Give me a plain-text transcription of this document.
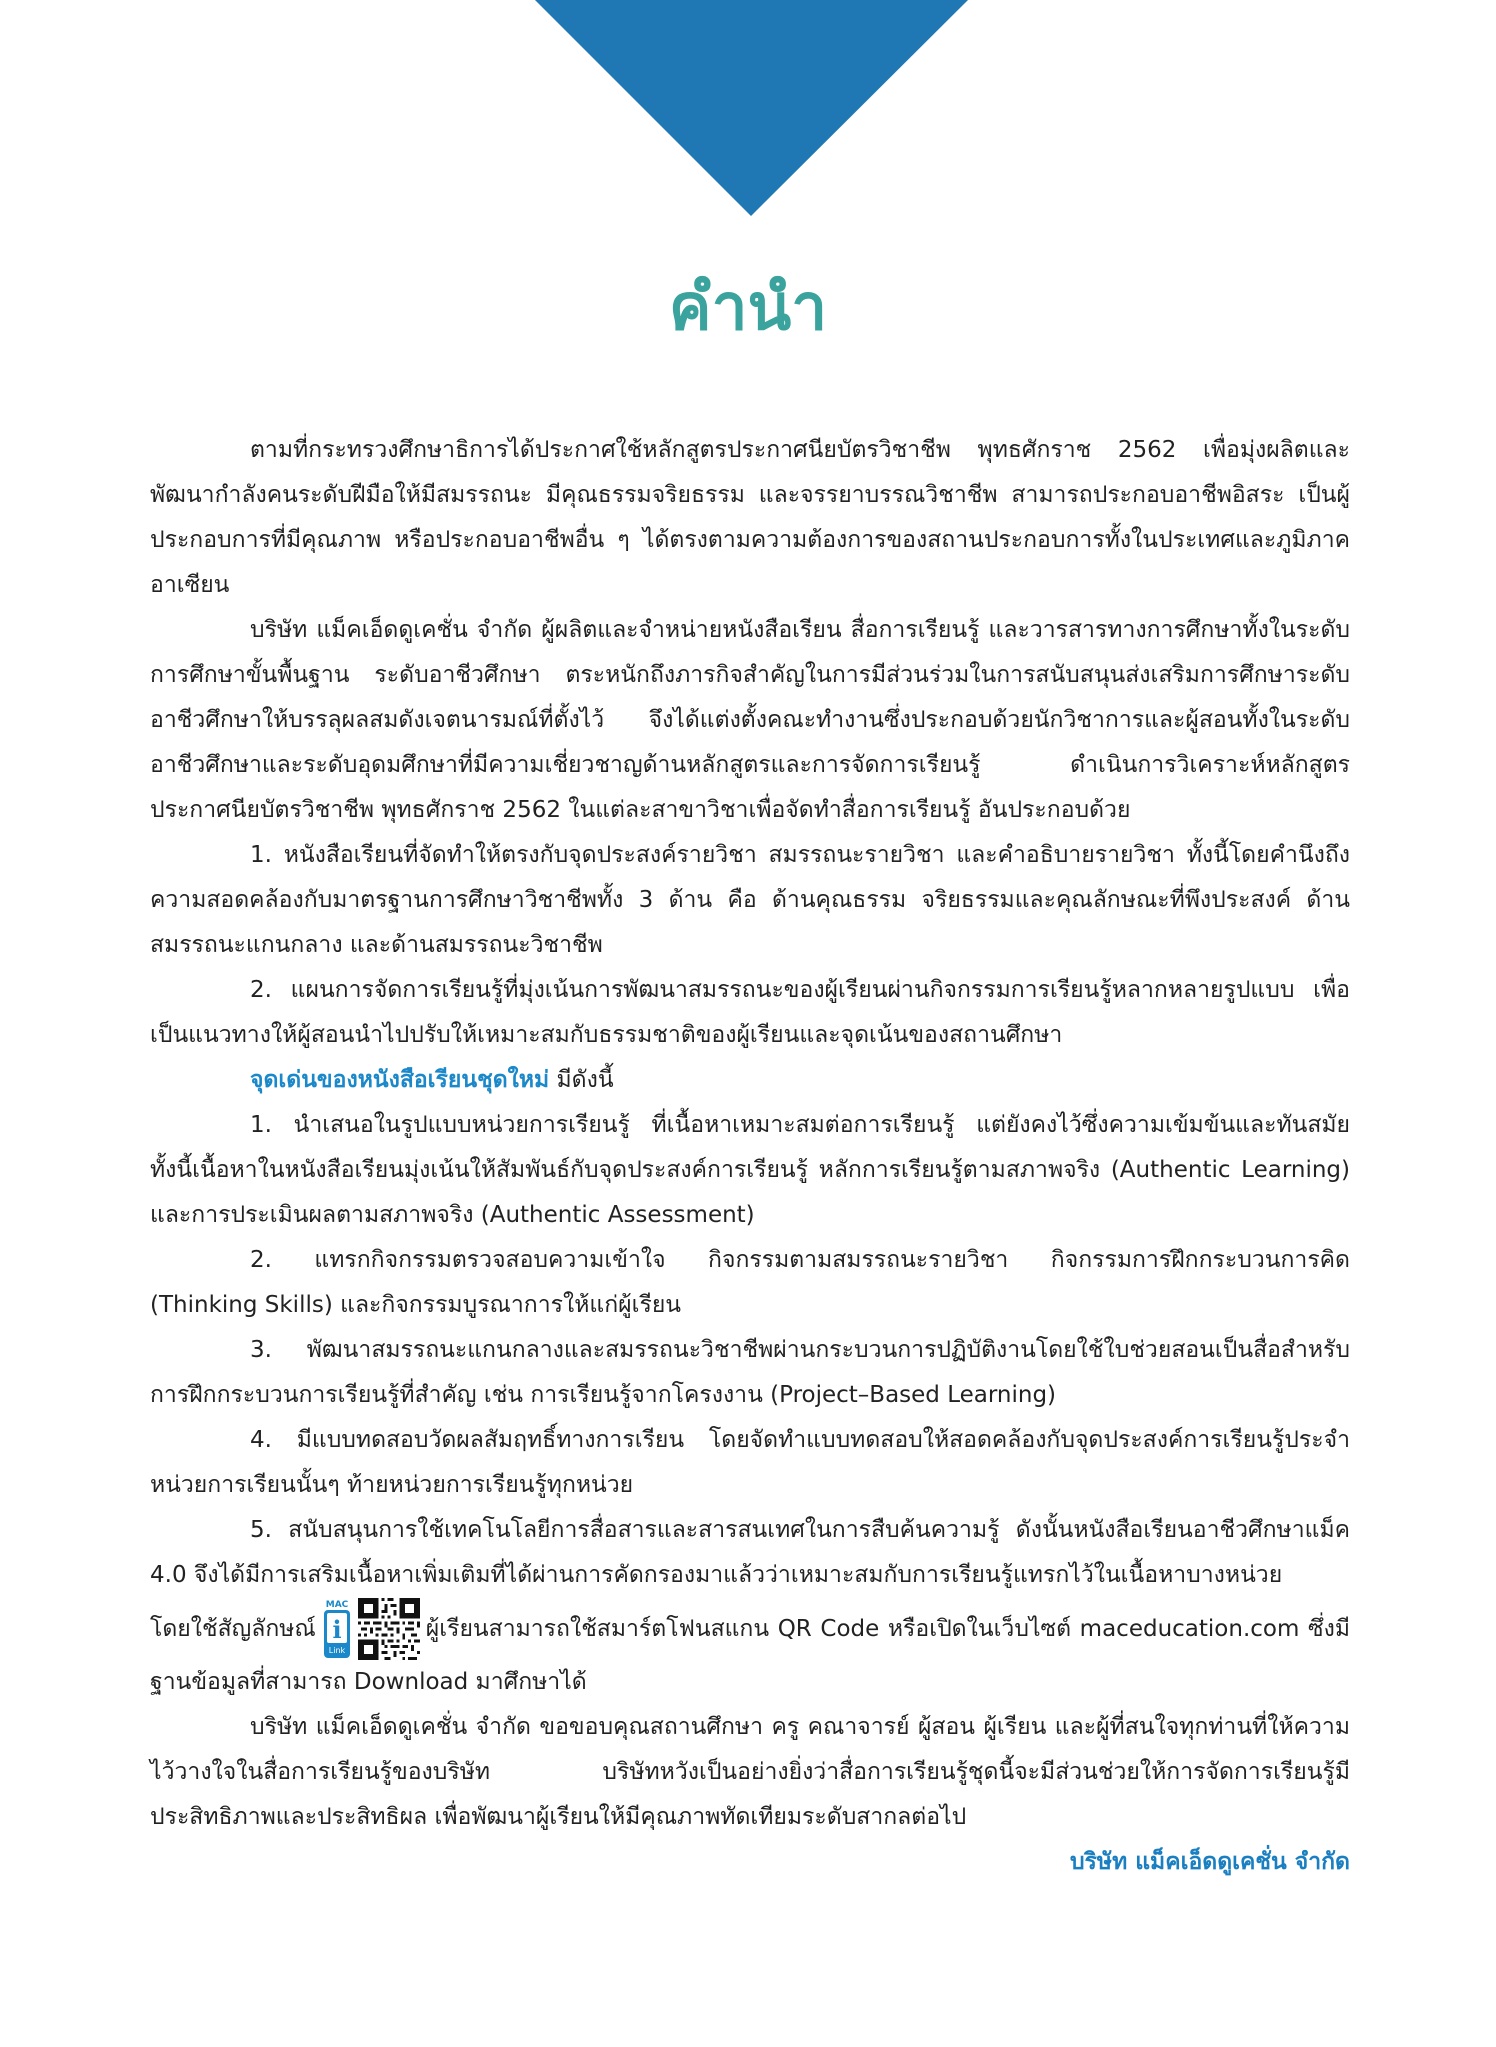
คำนำ

ตามที่กระทรวงศึกษาธิการได้ประกาศใช้หลักสูตรประกาศนียบัตรวิชาชีพ พุทธศักราช 2562 เพื่อมุ่งผลิตและพัฒนากำลังคนระดับฝีมือให้มีสมรรถนะ มีคุณธรรมจริยธรรม และจรรยาบรรณวิชาชีพ สามารถประกอบอาชีพอิสระ เป็นผู้ประกอบการที่มีคุณภาพ หรือประกอบอาชีพอื่น ๆ ได้ตรงตามความต้องการของสถานประกอบการทั้งในประเทศและภูมิภาคอาเซียน

บริษัท แม็คเอ็ดดูเคชั่น จำกัด ผู้ผลิตและจำหน่ายหนังสือเรียน สื่อการเรียนรู้ และวารสารทางการศึกษาทั้งในระดับการศึกษาขั้นพื้นฐาน ระดับอาชีวศึกษา ตระหนักถึงภารกิจสำคัญในการมีส่วนร่วมในการสนับสนุนส่งเสริมการศึกษาระดับอาชีวศึกษาให้บรรลุผลสมดังเจตนารมณ์ที่ตั้งไว้ จึงได้แต่งตั้งคณะทำงานซึ่งประกอบด้วยนักวิชาการและผู้สอนทั้งในระดับอาชีวศึกษาและระดับอุดมศึกษาที่มีความเชี่ยวชาญด้านหลักสูตรและการจัดการเรียนรู้ ดำเนินการวิเคราะห์หลักสูตรประกาศนียบัตรวิชาชีพ พุทธศักราช 2562 ในแต่ละสาขาวิชาเพื่อจัดทำสื่อการเรียนรู้ อันประกอบด้วย

1. หนังสือเรียนที่จัดทำให้ตรงกับจุดประสงค์รายวิชา สมรรถนะรายวิชา และคำอธิบายรายวิชา ทั้งนี้โดยคำนึงถึงความสอดคล้องกับมาตรฐานการศึกษาวิชาชีพทั้ง 3 ด้าน คือ ด้านคุณธรรม จริยธรรมและคุณลักษณะที่พึงประสงค์ ด้านสมรรถนะแกนกลาง และด้านสมรรถนะวิชาชีพ

2. แผนการจัดการเรียนรู้ที่มุ่งเน้นการพัฒนาสมรรถนะของผู้เรียนผ่านกิจกรรมการเรียนรู้หลากหลายรูปแบบ เพื่อเป็นแนวทางให้ผู้สอนนำไปปรับให้เหมาะสมกับธรรมชาติของผู้เรียนและจุดเน้นของสถานศึกษา

จุดเด่นของหนังสือเรียนชุดใหม่ มีดังนี้

1. นำเสนอในรูปแบบหน่วยการเรียนรู้ ที่เนื้อหาเหมาะสมต่อการเรียนรู้ แต่ยังคงไว้ซึ่งความเข้มข้นและทันสมัย ทั้งนี้เนื้อหาในหนังสือเรียนมุ่งเน้นให้สัมพันธ์กับจุดประสงค์การเรียนรู้ หลักการเรียนรู้ตามสภาพจริง (Authentic Learning) และการประเมินผลตามสภาพจริง (Authentic Assessment)

2. แทรกกิจกรรมตรวจสอบความเข้าใจ กิจกรรมตามสมรรถนะรายวิชา กิจกรรมการฝึกกระบวนการคิด (Thinking Skills) และกิจกรรมบูรณาการให้แก่ผู้เรียน

3. พัฒนาสมรรถนะแกนกลางและสมรรถนะวิชาชีพผ่านกระบวนการปฏิบัติงานโดยใช้ใบช่วยสอนเป็นสื่อสำหรับการฝึกกระบวนการเรียนรู้ที่สำคัญ เช่น การเรียนรู้จากโครงงาน (Project–Based Learning)

4. มีแบบทดสอบวัดผลสัมฤทธิ์ทางการเรียน โดยจัดทำแบบทดสอบให้สอดคล้องกับจุดประสงค์การเรียนรู้ประจำหน่วยการเรียนนั้นๆ ท้ายหน่วยการเรียนรู้ทุกหน่วย

5. สนับสนุนการใช้เทคโนโลยีการสื่อสารและสารสนเทศในการสืบค้นความรู้ ดังนั้นหนังสือเรียนอาชีวศึกษาแม็ค 4.0 จึงได้มีการเสริมเนื้อหาเพิ่มเติมที่ได้ผ่านการคัดกรองมาแล้วว่าเหมาะสมกับการเรียนรู้แทรกไว้ในเนื้อหาบางหน่วย

โดยใช้สัญลักษณ์
MAC
i
Link
ผู้เรียนสามารถใช้สมาร์ตโฟนสแกน QR Code หรือเปิดในเว็บไซต์ maceducation.com ซึ่งมีฐานข้อมูลที่สามารถ Download มาศึกษาได้

บริษัท แม็คเอ็ดดูเคชั่น จำกัด ขอขอบคุณสถานศึกษา ครู คณาจารย์ ผู้สอน ผู้เรียน และผู้ที่สนใจทุกท่านที่ให้ความไว้วางใจในสื่อการเรียนรู้ของบริษัท บริษัทหวังเป็นอย่างยิ่งว่าสื่อการเรียนรู้ชุดนี้จะมีส่วนช่วยให้การจัดการเรียนรู้มีประสิทธิภาพและประสิทธิผล เพื่อพัฒนาผู้เรียนให้มีคุณภาพทัดเทียมระดับสากลต่อไป

บริษัท แม็คเอ็ดดูเคชั่น จำกัด
